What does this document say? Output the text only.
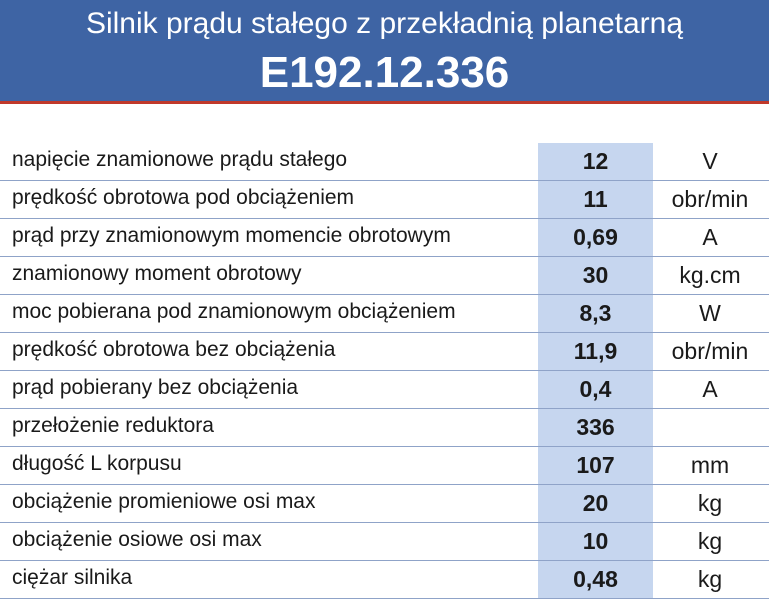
Silnik prądu stałego z przekładnią planetarną
E192.12.336
napięcie znamionowe prądu stałego	12	V
prędkość obrotowa pod obciążeniem	11	obr/min
prąd przy znamionowym momencie obrotowym	0,69	A
znamionowy moment obrotowy	30	kg.cm
moc pobierana pod znamionowym obciążeniem	8,3	W
prędkość obrotowa bez obciążenia	11,9	obr/min
prąd pobierany bez obciążenia	0,4	A
przełożenie reduktora	336
długość L korpusu	107	mm
obciążenie promieniowe osi max	20	kg
obciążenie osiowe osi max	10	kg
ciężar silnika	0,48	kg
